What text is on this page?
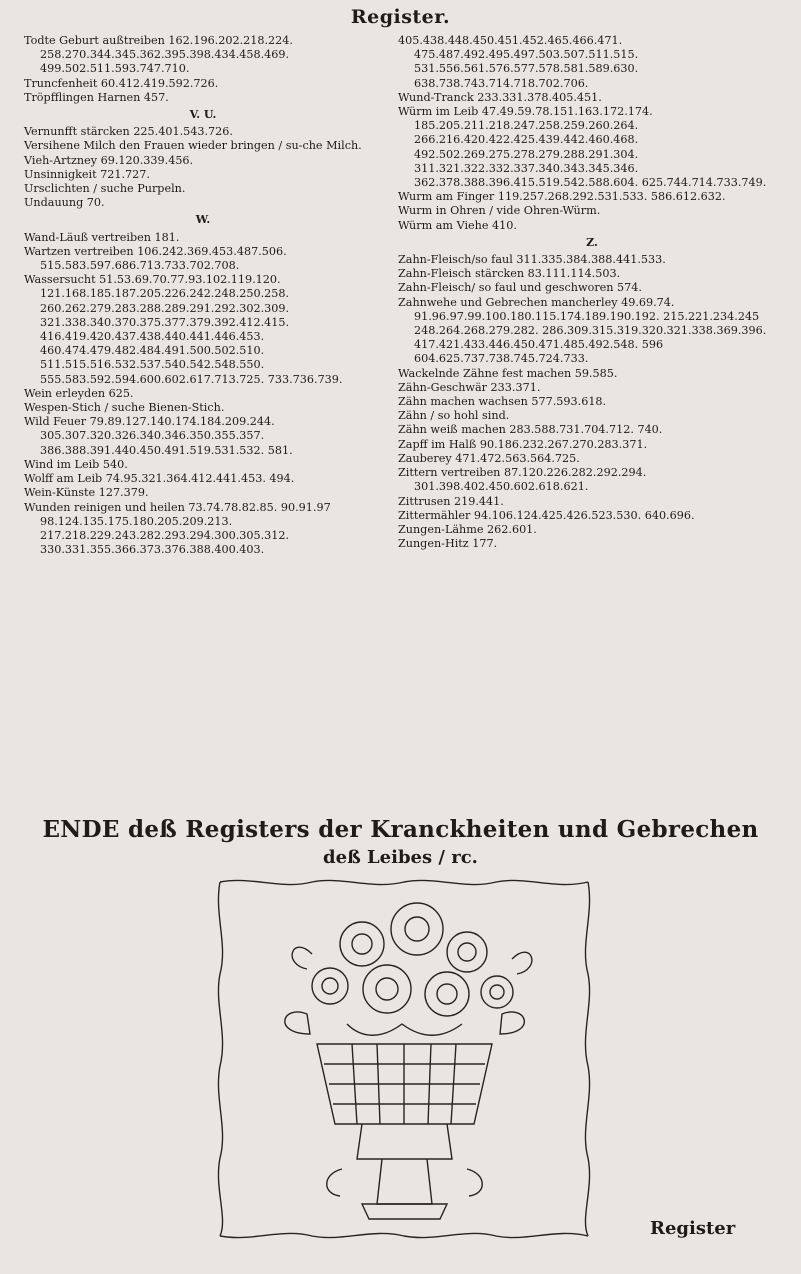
Register.

Todte Geburt außtreiben 162.196.202.218.224. 258.270.344.345.362.395.398.434.458.469. 499.502.511.593.747.710.

Truncfenheit 60.412.419.592.726.

Tröpfflingen Harnen 457.

V. U.

Vernunfft stärcken 225.401.543.726.

Versihene Milch den Frauen wieder bringen / su-che Milch.

Vieh-Artzney 69.120.339.456.

Unsinnigkeit 721.727.

Ursclichten / suche Purpeln.

Undauung 70.

W.

Wand-Läuß vertreiben 181.

Wartzen vertreiben 106.242.369.453.487.506. 515.583.597.686.713.733.702.708.

Wassersucht 51.53.69.70.77.93.102.119.120. 121.168.185.187.205.226.242.248.250.258. 260.262.279.283.288.289.291.292.302.309. 321.338.340.370.375.377.379.392.412.415. 416.419.420.437.438.440.441.446.453. 460.474.479.482.484.491.500.502.510. 511.515.516.532.537.540.542.548.550. 555.583.592.594.600.602.617.713.725. 733.736.739.

Wein erleyden 625.

Wespen-Stich / suche Bienen-Stich.

Wild Feuer 79.89.127.140.174.184.209.244. 305.307.320.326.340.346.350.355.357. 386.388.391.440.450.491.519.531.532. 581.

Wind im Leib 540.

Wolff am Leib 74.95.321.364.412.441.453. 494.

Wein-Künste 127.379.

Wunden reinigen und heilen 73.74.78.82.85. 90.91.97 98.124.135.175.180.205.209.213. 217.218.229.243.282.293.294.300.305.312. 330.331.355.366.373.376.388.400.403.

405.438.448.450.451.452.465.466.471. 475.487.492.495.497.503.507.511.515. 531.556.561.576.577.578.581.589.630. 638.738.743.714.718.702.706.

Wund-Tranck 233.331.378.405.451.

Würm im Leib 47.49.59.78.151.163.172.174. 185.205.211.218.247.258.259.260.264. 266.216.420.422.425.439.442.460.468. 492.502.269.275.278.279.288.291.304. 311.321.322.332.337.340.343.345.346. 362.378.388.396.415.519.542.588.604. 625.744.714.733.749.

Wurm am Finger 119.257.268.292.531.533. 586.612.632.

Wurm in Ohren / vide Ohren-Würm.

Würm am Viehe 410.

Z.

Zahn-Fleisch/so faul 311.335.384.388.441.533.

Zahn-Fleisch stärcken 83.111.114.503.

Zahn-Fleisch/ so faul und geschworen 574.

Zahnwehe und Gebrechen mancherley 49.69.74. 91.96.97.99.100.180.115.174.189.190.192. 215.221.234.245 248.264.268.279.282. 286.309.315.319.320.321.338.369.396. 417.421.433.446.450.471.485.492.548. 596 604.625.737.738.745.724.733.

Wackelnde Zähne fest machen 59.585.

Zähn-Geschwär 233.371.

Zähn machen wachsen 577.593.618.

Zähn / so hohl sind.

Zähn weiß machen 283.588.731.704.712. 740.

Zapff im Halß 90.186.232.267.270.283.371.

Zauberey 471.472.563.564.725.

Zittern vertreiben 87.120.226.282.292.294. 301.398.402.450.602.618.621.

Zittrusen 219.441.

Zittermähler 94.106.124.425.426.523.530. 640.696.

Zungen-Lähme 262.601.

Zungen-Hitz 177.

ENDE deß Registers der Kranckheiten und Gebrechen
deß Leibes / rc.
Register
